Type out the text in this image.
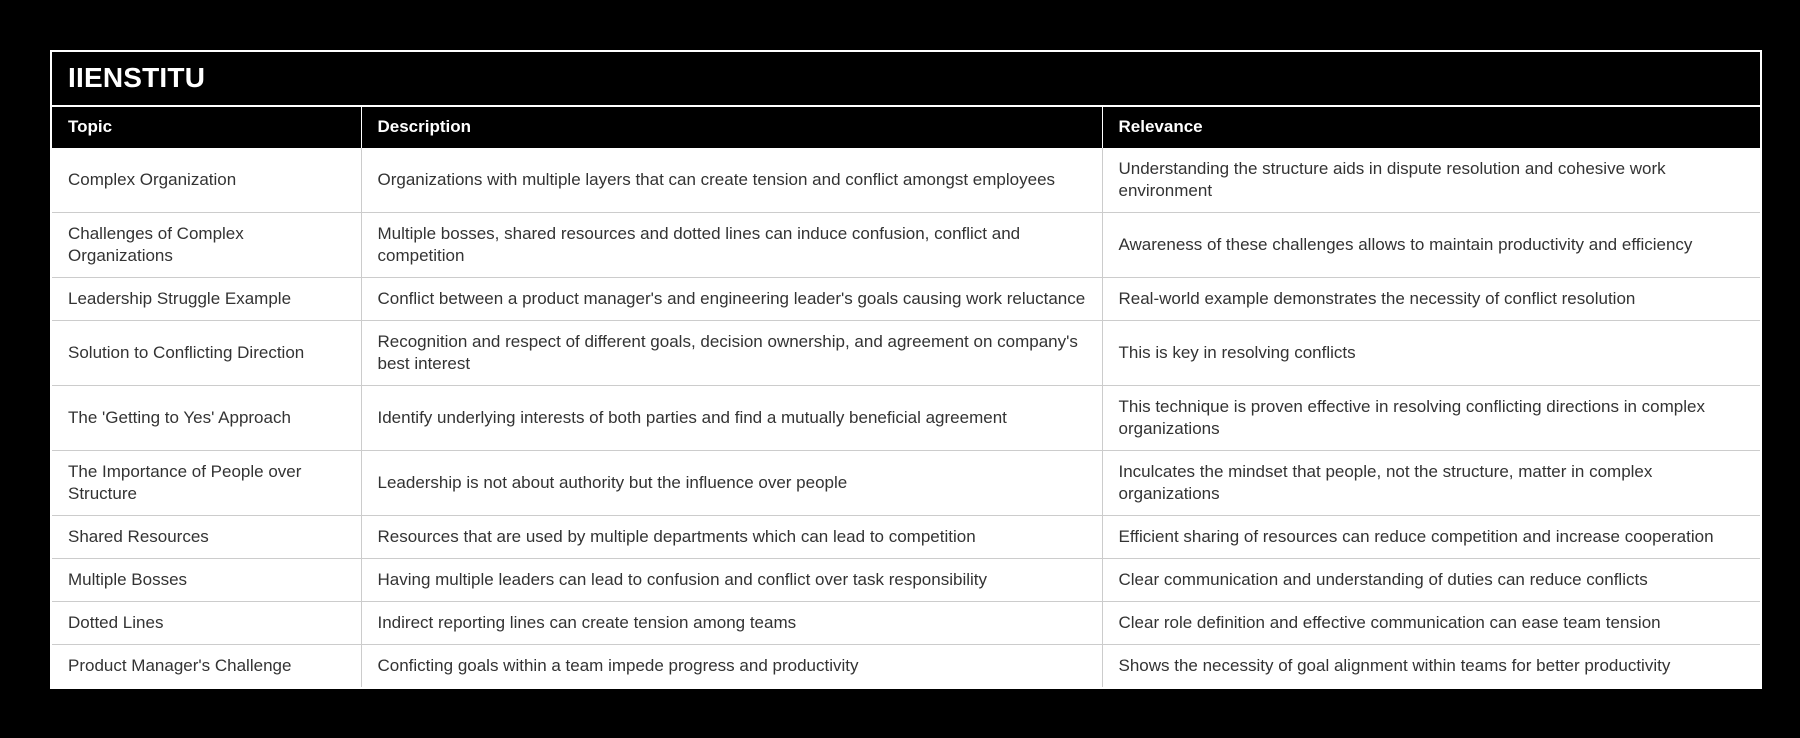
IIENSTITU
Topic	Description	Relevance
Complex Organization	Organizations with multiple layers that can create tension and conflict amongst employees	Understanding the structure aids in dispute resolution and cohesive work environment
Challenges of Complex Organizations	Multiple bosses, shared resources and dotted lines can induce confusion, conflict and competition	Awareness of these challenges allows to maintain productivity and efficiency
Leadership Struggle Example	Conflict between a product manager's and engineering leader's goals causing work reluctance	Real-world example demonstrates the necessity of conflict resolution
Solution to Conflicting Direction	Recognition and respect of different goals, decision ownership, and agreement on company's best interest	This is key in resolving conflicts
The 'Getting to Yes' Approach	Identify underlying interests of both parties and find a mutually beneficial agreement	This technique is proven effective in resolving conflicting directions in complex organizations
The Importance of People over Structure	Leadership is not about authority but the influence over people	Inculcates the mindset that people, not the structure, matter in complex organizations
Shared Resources	Resources that are used by multiple departments which can lead to competition	Efficient sharing of resources can reduce competition and increase cooperation
Multiple Bosses	Having multiple leaders can lead to confusion and conflict over task responsibility	Clear communication and understanding of duties can reduce conflicts
Dotted Lines	Indirect reporting lines can create tension among teams	Clear role definition and effective communication can ease team tension
Product Manager's Challenge	Conficting goals within a team impede progress and productivity	Shows the necessity of goal alignment within teams for better productivity
